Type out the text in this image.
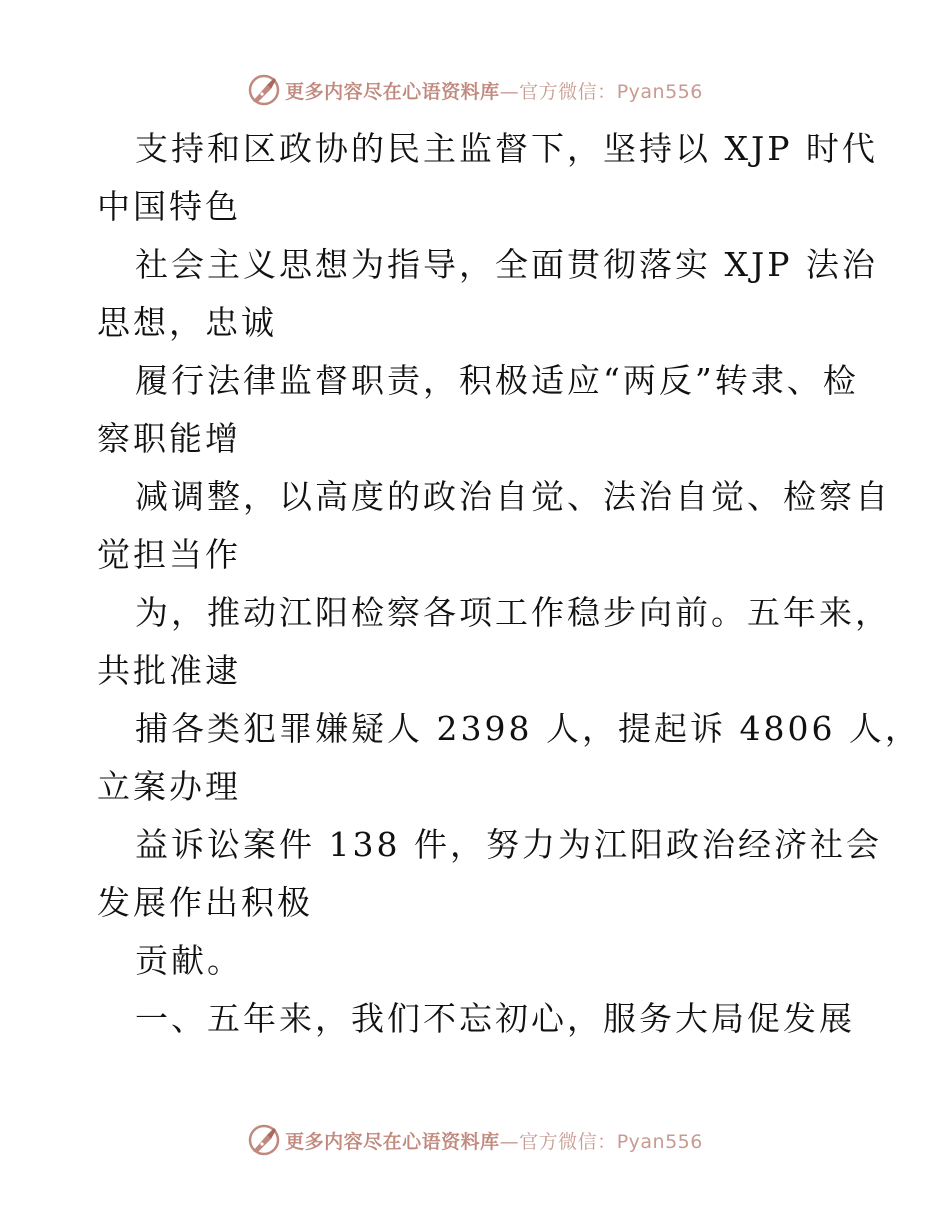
更多内容尽在心语资料库—官方微信：Pyan556
支持和区政协的民主监督下，坚持以 XJP 时代
中国特色
社会主义思想为指导，全面贯彻落实 XJP 法治
思想，忠诚
履行法律监督职责，积极适应“两反”转隶、检
察职能增
减调整，以高度的政治自觉、法治自觉、检察自
觉担当作
为，推动江阳检察各项工作稳步向前。五年来，
共批准逮
捕各类犯罪嫌疑人 2398 人，提起诉 4806 人，
立案办理
益诉讼案件 138 件，努力为江阳政治经济社会
发展作出积极
贡献。
一、五年来，我们不忘初心，服务大局促发展
更多内容尽在心语资料库—官方微信：Pyan556
